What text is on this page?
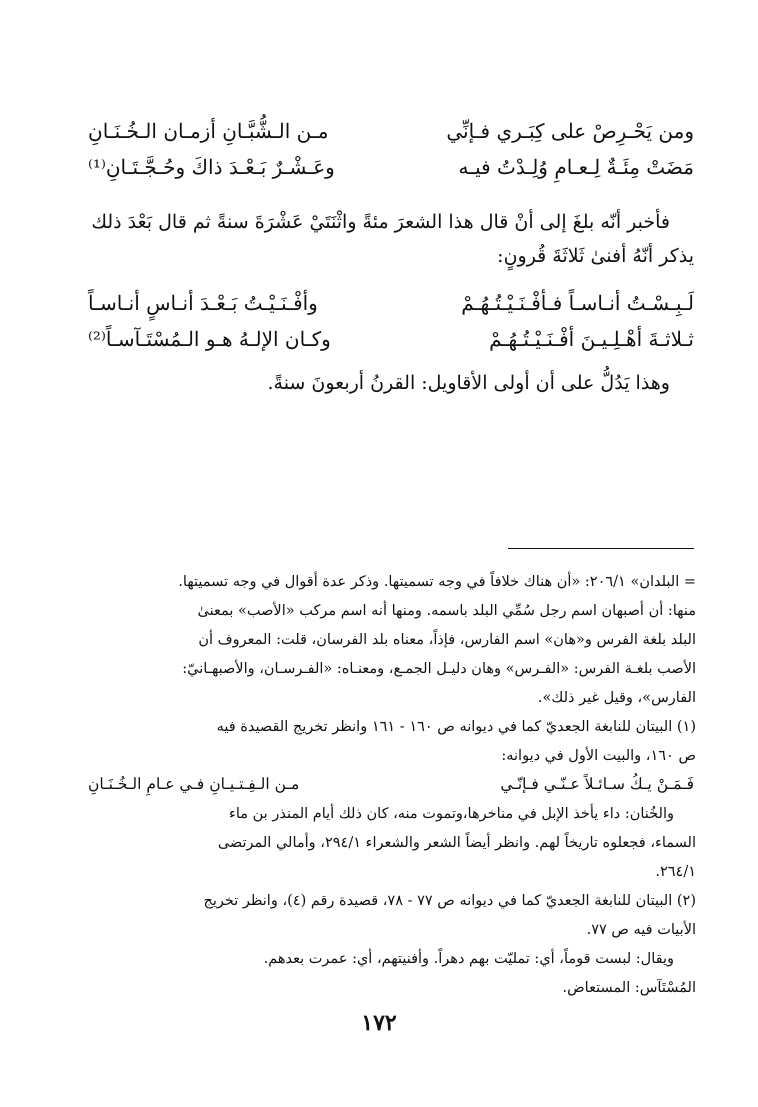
ومن يَحْـرِصْ على كِبَـري فـإنِّي
مـن الـشُّبَّـانِ أزمـان الـخُـنَـانِ
مَضَتْ مِئَـةٌ لِـعـامِ وُلِـدْتُ فيـه
وعَـشْـرٌ بَـعْـدَ ذاكَ وحُـجَّـتَـانِ⁽¹⁾
فأخبر أنّه بلغَ إلى أنْ قال هذا الشعرَ مئةً واثْنَتَيْ عَشْرَةَ سنةً ثم قال بَعْدَ ذلك
يذكر أنّهُ أفنىٰ ثَلاثَةَ قُرونٍ:
لَـبِـسْـتُ أنـاسـاً فـأفْـنَـيْـتُـهُـمْ
وأفْـنَـيْـتُ بَـعْـدَ أنـاسٍ أنـاسـاً
ثـلاثـةَ أهْـلِـيـنَ أفْـنَـيْـتُـهُـمْ
وكـان الإلـهُ هـو الـمُسْتَـآسـاً⁽²⁾
وهذا يَدُلُّ على أن أولى الأقاويل: القرنُ أربعونَ سنةً.
= البلدان» ٢٠٦/١: «أن هناك خلافاً في وجه تسميتها. وذكر عدة أقوال في وجه تسميتها.
منها: أن أصبهان اسم رجل سُمِّي البلد باسمه. ومنها أنه اسم مركب «الأصب» بمعنىٰ
البلد بلغة الفرس و«هان» اسم الفارس، فإذاً، معناه بلد الفرسان، قلت: المعروف أن
الأصب بلغـة الفرس: «الفـرس» وهان دليـل الجمـع، ومعنـاه: «الفـرسـان، والأصبهـانيّ:
الفارس»، وقيل غير ذلك».
(١) البيتان للنابغة الجعديّ كما في ديوانه ص ١٦٠ - ١٦١ وانظر تخريج القصيدة فيه
ص ١٦٠، والبيت الأول في ديوانه:
فَـمَـنْ يـكُ سـائـلاً عـنّـي فـإنّـي
مـن الـفِـتـيـانِ فـي عـامِ الـخُـنَـانِ
والخُنان: داء يأخذ الإبل في مناخرها،وتموت منه، كان ذلك أيام المنذر بن ماء
السماء، فجعلوه تاريخاً لهم. وانظر أيضاً الشعر والشعراء ٢٩٤/١، وأمالي المرتضى
٢٦٤/١.
(٢) البيتان للنابغة الجعديّ كما في ديوانه ص ٧٧ - ٧٨، قصيدة رقم (٤)، وانظر تخريج
الأبيات فيه ص ٧٧.
ويقال: لبست قوماً، أي: تمليّت بهم دهراً. وأفنيتهم، أي: عمرت بعدهم.
المُسْتَآس: المستعاض.
١٧٢
